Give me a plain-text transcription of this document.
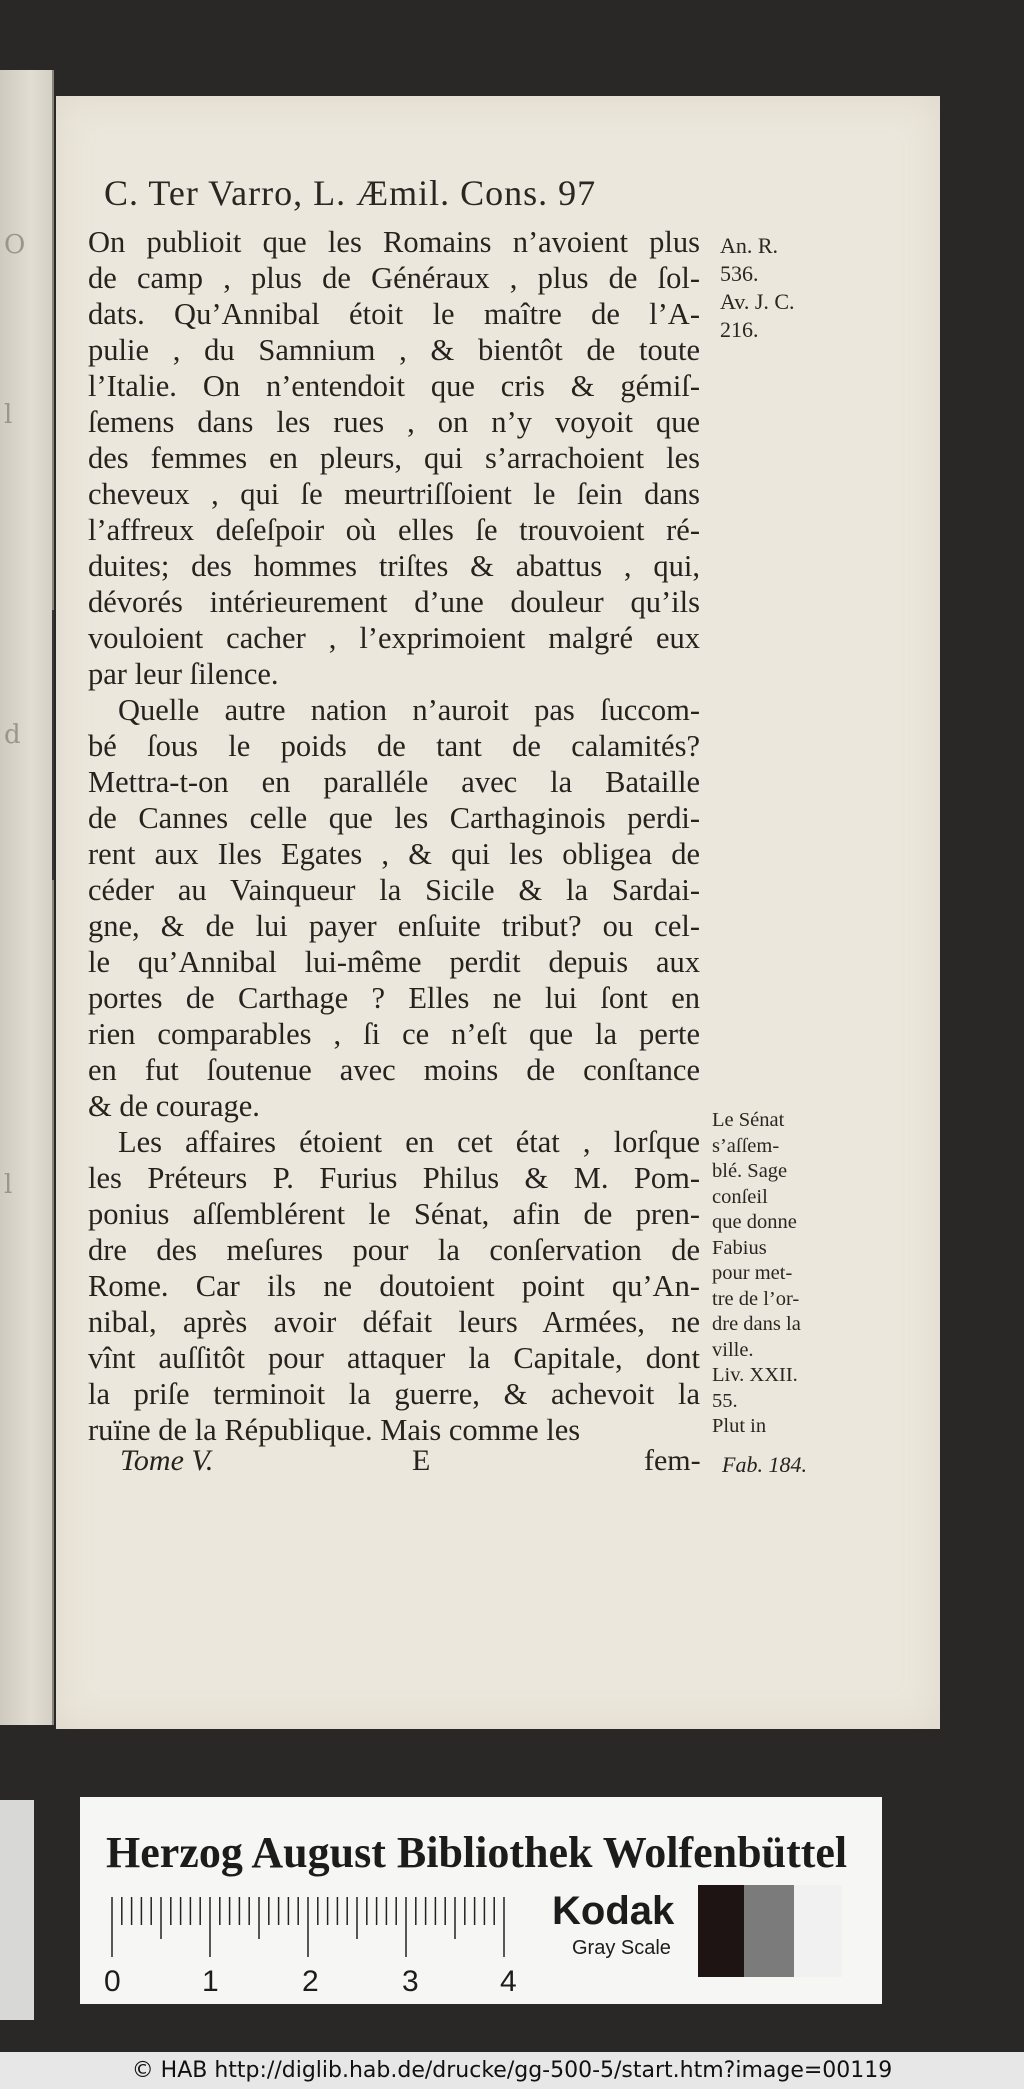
O
l
d
l
C. Ter Varro, L. Æmil. Cons. 97
On publioit que les Romains n’avoient plus
de camp , plus de Généraux , plus de ſol-
dats. Qu’Annibal étoit le maître de l’A-
pulie , du Samnium , & bientôt de toute
l’Italie. On n’entendoit que cris & gémiſ-
ſemens dans les rues , on n’y voyoit que
des femmes en pleurs, qui s’arrachoient les
cheveux , qui ſe meurtriſſoient le ſein dans
l’affreux deſeſpoir où elles ſe trouvoient ré-
duites; des hommes triſtes & abattus , qui,
dévorés intérieurement d’une douleur qu’ils
vouloient cacher , l’exprimoient malgré eux
par leur ſilence.
Quelle autre nation n’auroit pas ſuccom-
bé ſous le poids de tant de calamités?
Mettra-t-on en paralléle avec la Bataille
de Cannes celle que les Carthaginois perdi-
rent aux Iles Egates , & qui les obligea de
céder au Vainqueur la Sicile & la Sardai-
gne, & de lui payer enſuite tribut? ou cel-
le qu’Annibal lui-même perdit depuis aux
portes de Carthage ? Elles ne lui ſont en
rien comparables , ſi ce n’eſt que la perte
en fut ſoutenue avec moins de conſtance
& de courage.
Les affaires étoient en cet état , lorſque
les Préteurs P. Furius Philus & M. Pom-
ponius aſſemblérent le Sénat, afin de pren-
dre des meſures pour la conſervation de
Rome. Car ils ne doutoient point qu’An-
nibal, après avoir défait leurs Armées, ne
vînt auſſitôt pour attaquer la Capitale, dont
la priſe terminoit la guerre, & achevoit la
ruïne de la République. Mais comme les
An. R.
536.
Av. J. C.
216.
Le Sénat
s’aſſem-
blé. Sage
conſeil
que donne
Fabius
pour met-
tre de l’or-
dre dans la
ville.
Liv. XXII.
55.
Plut in
Tome V.	E	fem- Fab. 184.
Herzog August Bibliothek Wolfenbüttel
0	1	2	3	4
Kodak
Gray Scale
© HAB http://diglib.hab.de/drucke/gg-500-5/start.htm?image=00119
